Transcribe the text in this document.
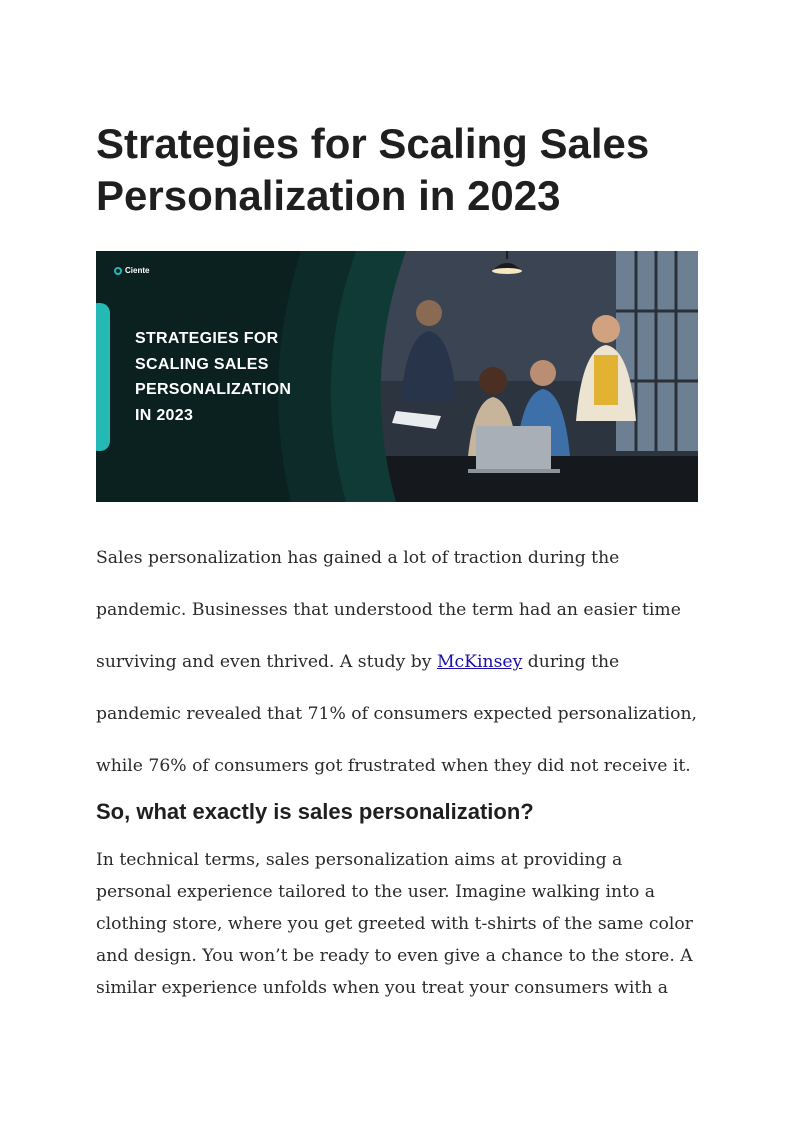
Strategies for Scaling Sales
Personalization in 2023
Ciente
STRATEGIES FOR
SCALING SALES
PERSONALIZATION
IN 2023

Sales personalization has gained a lot of traction during the
pandemic. Businesses that understood the term had an easier time
surviving and even thrived. A study by McKinsey during the
pandemic revealed that 71% of consumers expected personalization,
while 76% of consumers got frustrated when they did not receive it.

So, what exactly is sales personalization?

In technical terms, sales personalization aims at providing a
personal experience tailored to the user. Imagine walking into a
clothing store, where you get greeted with t-shirts of the same color
and design. You won’t be ready to even give a chance to the store. A
similar experience unfolds when you treat your consumers with a
